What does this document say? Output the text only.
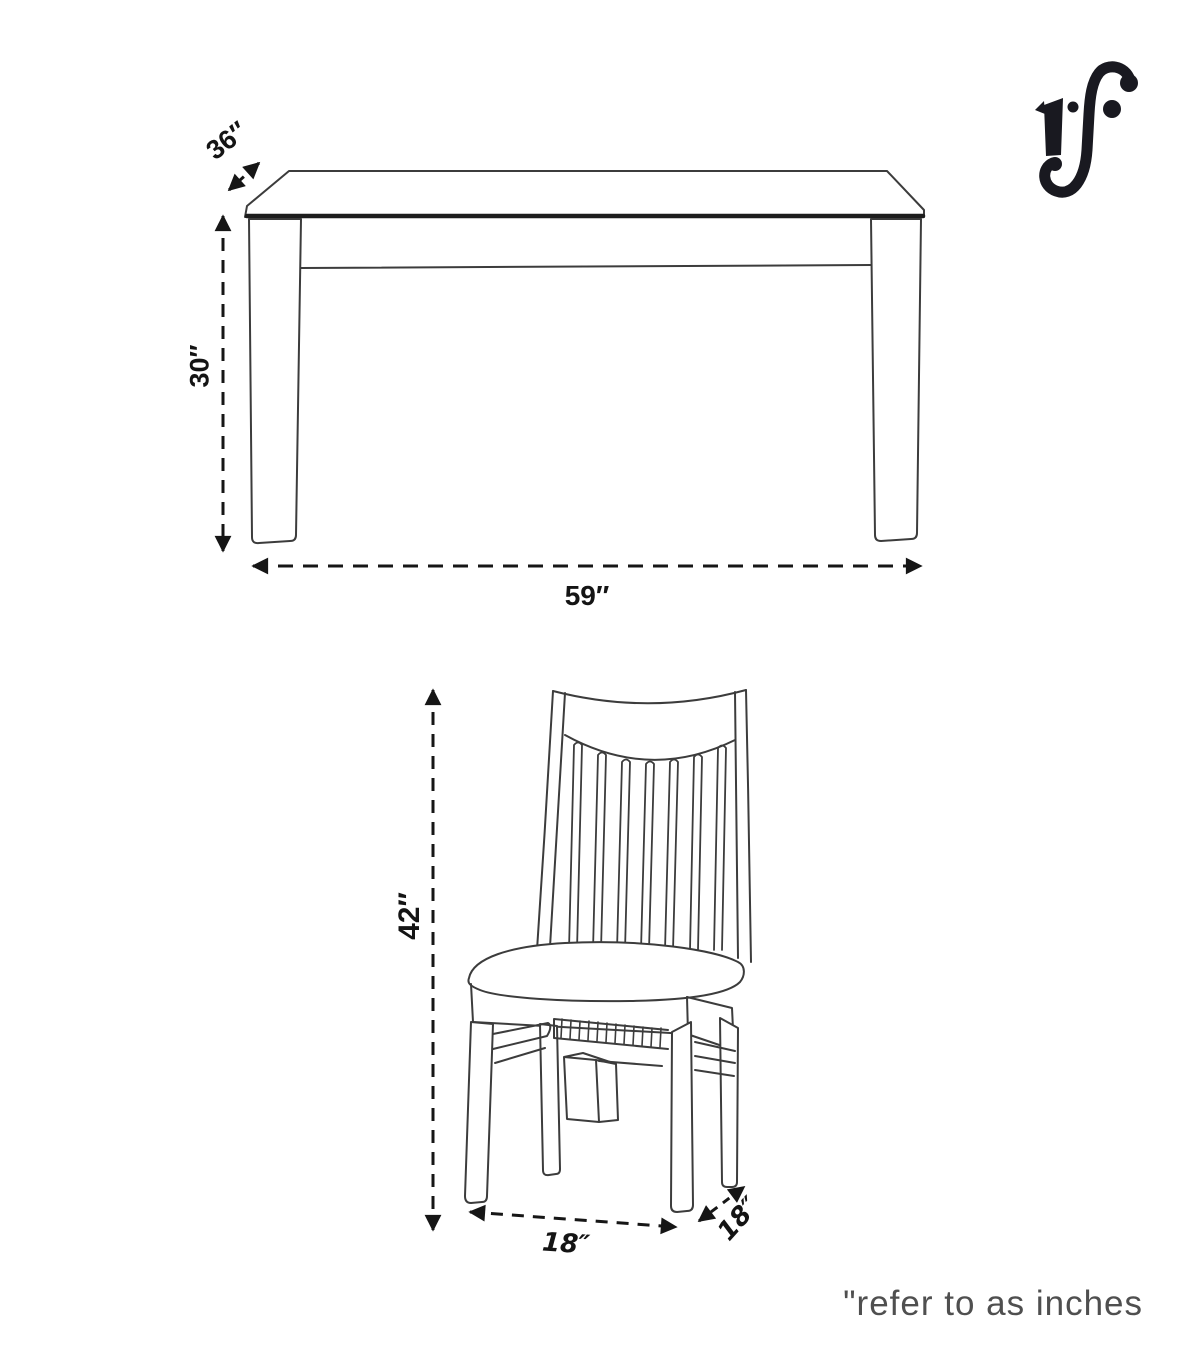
36″
30″
59″
42″
18″	18″
"refer to as inches
